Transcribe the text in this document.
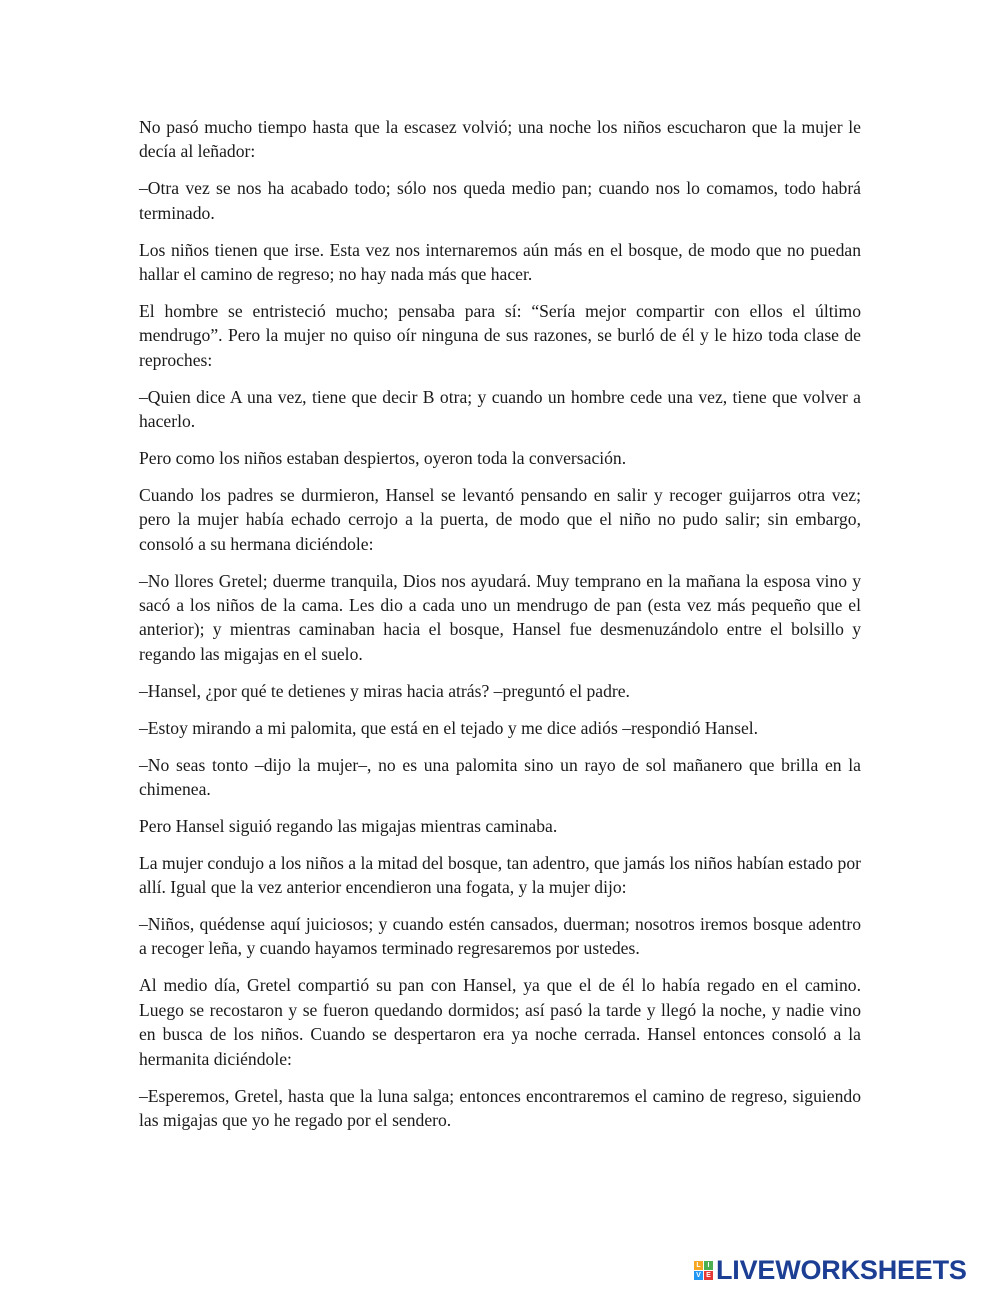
No pasó mucho tiempo hasta que la escasez volvió; una noche los niños escucharon que la mujer le decía al leñador:

–Otra vez se nos ha acabado todo; sólo nos queda medio pan; cuando nos lo comamos, todo habrá terminado.

Los niños tienen que irse. Esta vez nos internaremos aún más en el bosque, de modo que no puedan hallar el camino de regreso; no hay nada más que hacer.

El hombre se entristeció mucho; pensaba para sí: “Sería mejor compartir con ellos el último mendrugo”. Pero la mujer no quiso oír ninguna de sus razones, se burló de él y le hizo toda clase de reproches:

–Quien dice A una vez, tiene que decir B otra; y cuando un hombre cede una vez, tiene que volver a hacerlo.

Pero como los niños estaban despiertos, oyeron toda la conversación.

Cuando los padres se durmieron, Hansel se levantó pensando en salir y recoger guijarros otra vez; pero la mujer había echado cerrojo a la puerta, de modo que el niño no pudo salir; sin embargo, consoló a su hermana diciéndole:

–No llores Gretel; duerme tranquila, Dios nos ayudará. Muy temprano en la mañana la esposa vino y sacó a los niños de la cama. Les dio a cada uno un mendrugo de pan (esta vez más pequeño que el anterior); y mientras caminaban hacia el bosque, Hansel fue desmenuzándolo entre el bolsillo y regando las migajas en el suelo.

–Hansel, ¿por qué te detienes y miras hacia atrás? –preguntó el padre.

–Estoy mirando a mi palomita, que está en el tejado y me dice adiós –respondió Hansel.

–No seas tonto –dijo la mujer–, no es una palomita sino un rayo de sol mañanero que brilla en la chimenea.

Pero Hansel siguió regando las migajas mientras caminaba.

La mujer condujo a los niños a la mitad del bosque, tan adentro, que jamás los niños habían estado por allí. Igual que la vez anterior encendieron una fogata, y la mujer dijo:

–Niños, quédense aquí juiciosos; y cuando estén cansados, duerman; nosotros iremos bosque adentro a recoger leña, y cuando hayamos terminado regresaremos por ustedes.

Al medio día, Gretel compartió su pan con Hansel, ya que el de él lo había regado en el camino. Luego se recostaron y se fueron quedando dormidos; así pasó la tarde y llegó la noche, y nadie vino en busca de los niños. Cuando se despertaron era ya noche cerrada. Hansel entonces consoló a la hermanita diciéndole:

–Esperemos, Gretel, hasta que la luna salga; entonces encontraremos el camino de regreso, siguiendo las migajas que yo he regado por el sendero.

L I
V E LIVEWORKSHEETS
